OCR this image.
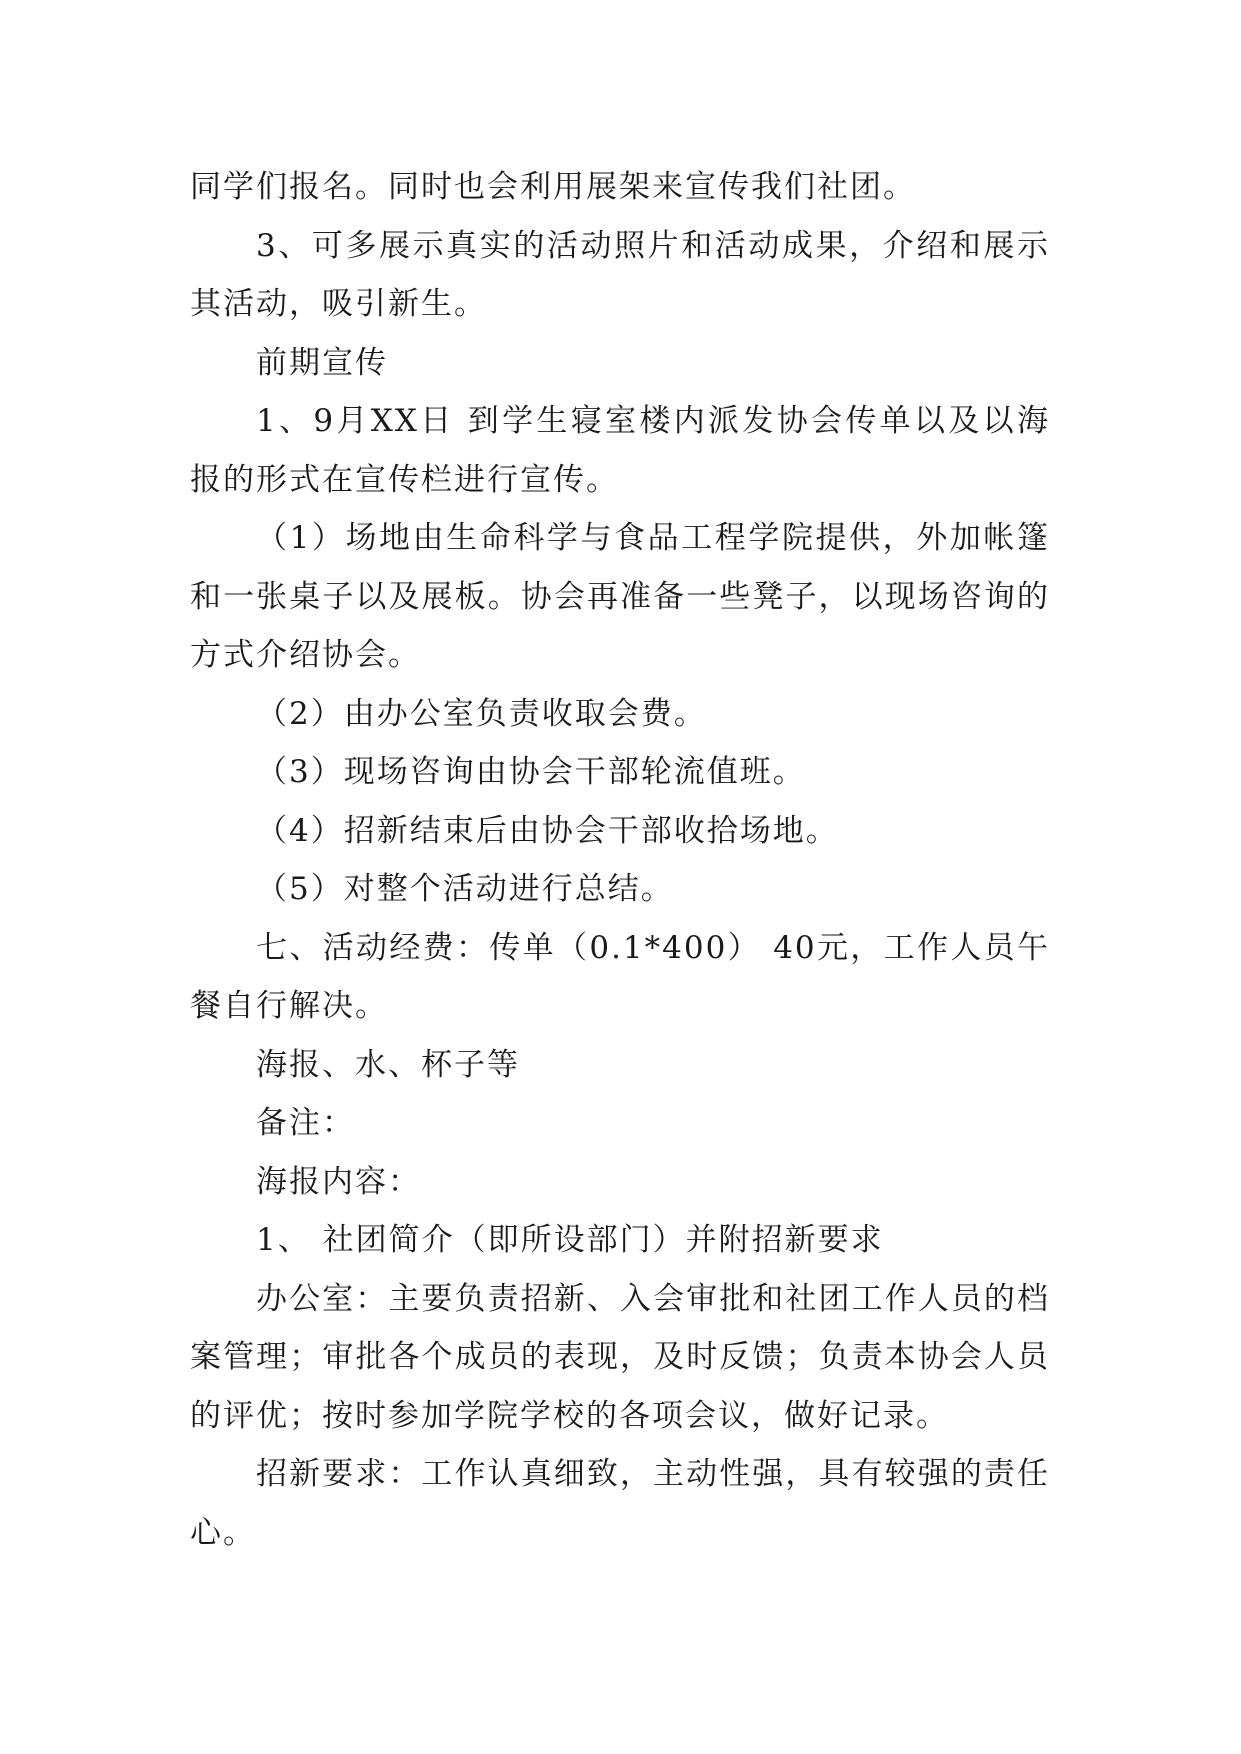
同学们报名。同时也会利用展架来宣传我们社团。

3、可多展示真实的活动照片和活动成果，介绍和展示其活动，吸引新生。

前期宣传

1、9月XX日 到学生寝室楼内派发协会传单以及以海报的形式在宣传栏进行宣传。

（1）场地由生命科学与食品工程学院提供，外加帐篷和一张桌子以及展板。协会再准备一些凳子，以现场咨询的方式介绍协会。

（2）由办公室负责收取会费。

（3）现场咨询由协会干部轮流值班。

（4）招新结束后由协会干部收拾场地。

（5）对整个活动进行总结。

七、活动经费：传单（0.1*400） 40元，工作人员午餐自行解决。

海报、水、杯子等

备注：

海报内容：

1、 社团简介（即所设部门）并附招新要求

办公室：主要负责招新、入会审批和社团工作人员的档案管理；审批各个成员的表现，及时反馈；负责本协会人员的评优；按时参加学院学校的各项会议，做好记录。

招新要求：工作认真细致，主动性强，具有较强的责任心。
